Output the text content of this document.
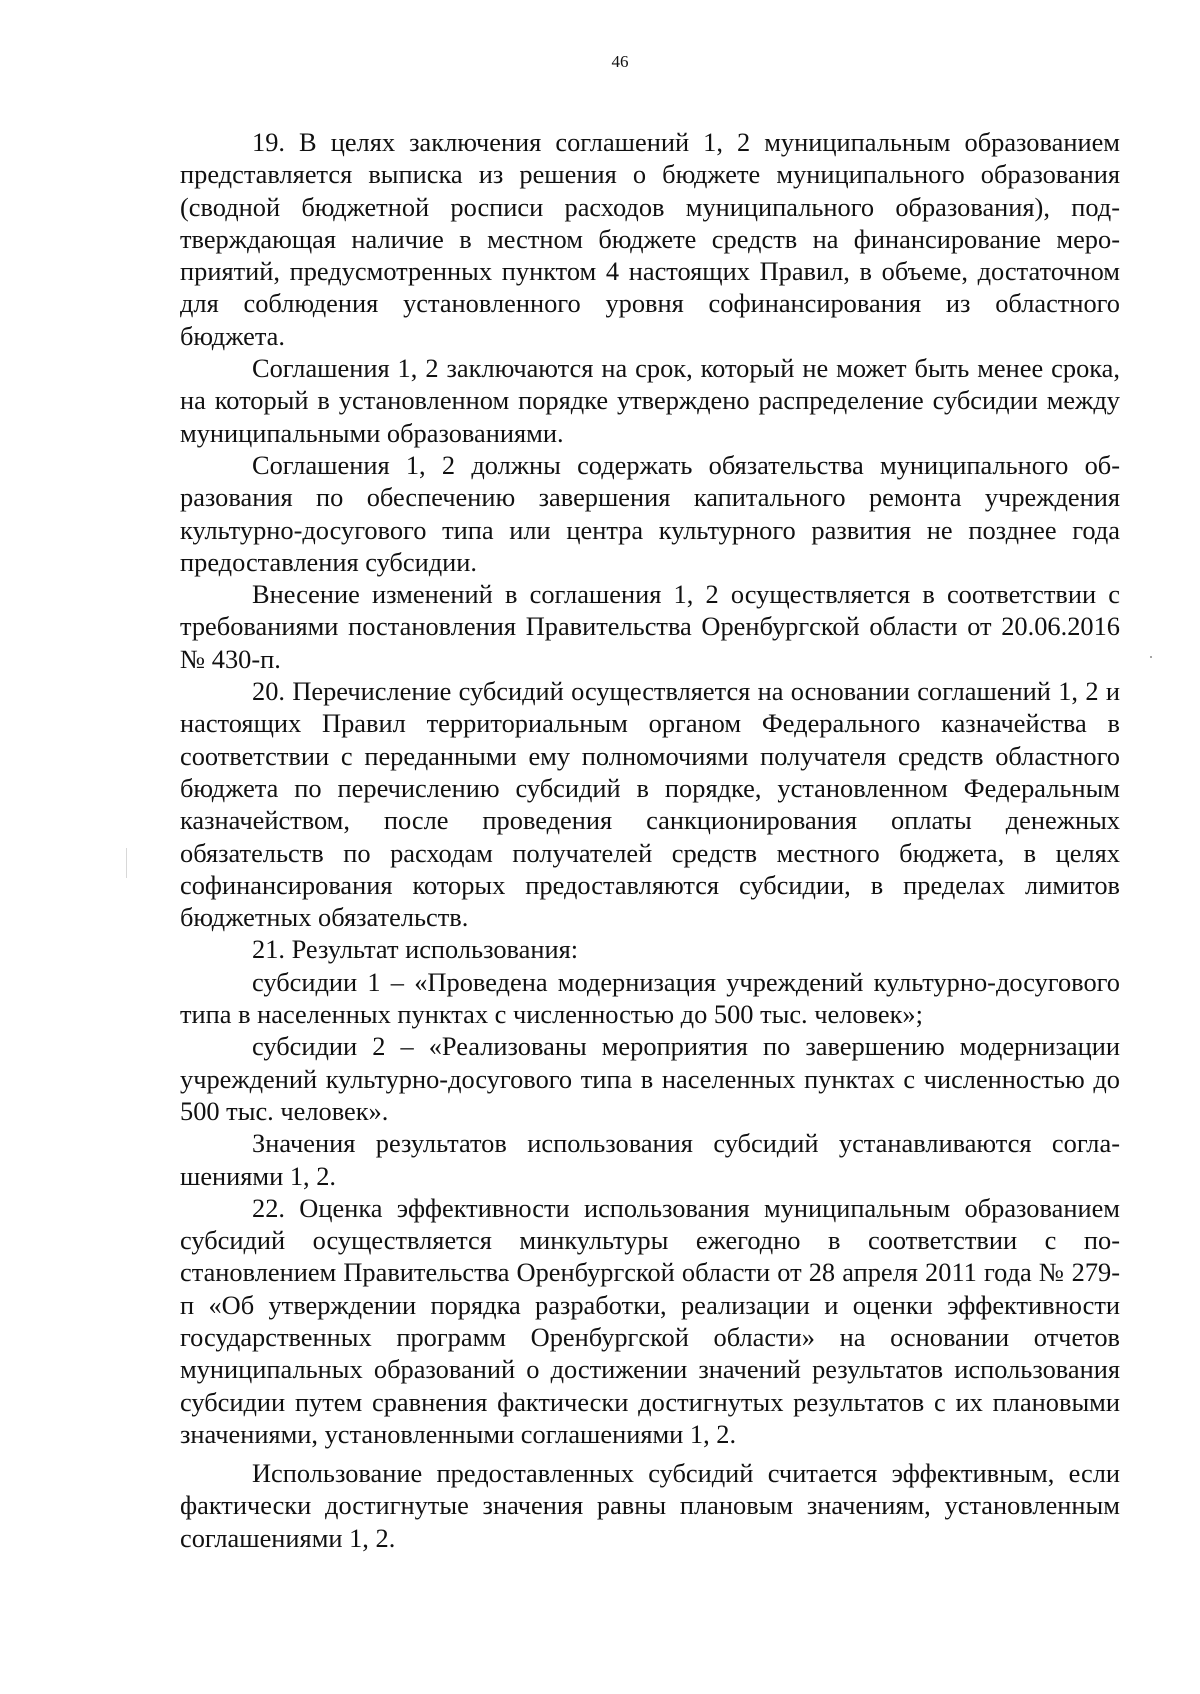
46

19. В целях заключения соглашений 1, 2 муниципальным образованием представляется выписка из решения о бюджете муниципального образования (сводной бюджетной росписи расходов муниципального образования), подтверждающая наличие в местном бюджете средств на финансирование мероприятий, предусмотренных пунктом 4 настоящих Правил, в объеме, достаточном для соблюдения установленного уровня софинансирования из областного бюджета.

Соглашения 1, 2 заключаются на срок, который не может быть менее срока, на который в установленном порядке утверждено распределение субсидии между муниципальными образованиями.

Соглашения 1, 2 должны содержать обязательства муниципального образования по обеспечению завершения капитального ремонта учреждения культурно-досугового типа или центра культурного развития не позднее года предоставления субсидии.

Внесение изменений в соглашения 1, 2 осуществляется в соответствии с требованиями постановления Правительства Оренбургской области от 20.06.2016 № 430-п.

20. Перечисление субсидий осуществляется на основании соглашений 1, 2 и настоящих Правил территориальным органом Федерального казначейства в соответствии с переданными ему полномочиями получателя средств областного бюджета по перечислению субсидий в порядке, установленном Федеральным казначейством, после проведения санкционирования оплаты денежных обязательств по расходам получателей средств местного бюджета, в целях софинансирования которых предоставляются субсидии, в пределах лимитов бюджетных обязательств.

21. Результат использования:

субсидии 1 – «Проведена модернизация учреждений культурно-досугового типа в населенных пунктах с численностью до 500 тыс. человек»;

субсидии 2 – «Реализованы мероприятия по завершению модернизации учреждений культурно-досугового типа в населенных пунктах с численностью до 500 тыс. человек».

Значения результатов использования субсидий устанавливаются соглашениями 1, 2.

22. Оценка эффективности использования муниципальным образованием субсидий осуществляется минкультуры ежегодно в соответствии с постановлением Правительства Оренбургской области от 28 апреля 2011 года № 279-п «Об утверждении порядка разработки, реализации и оценки эффективности государственных программ Оренбургской области» на основании отчетов муниципальных образований о достижении значений результатов использования субсидии путем сравнения фактически достигнутых результатов с их плановыми значениями, установленными соглашениями 1, 2.

Использование предоставленных субсидий считается эффективным, если фактически достигнутые значения равны плановым значениям, установленным соглашениями 1, 2.
